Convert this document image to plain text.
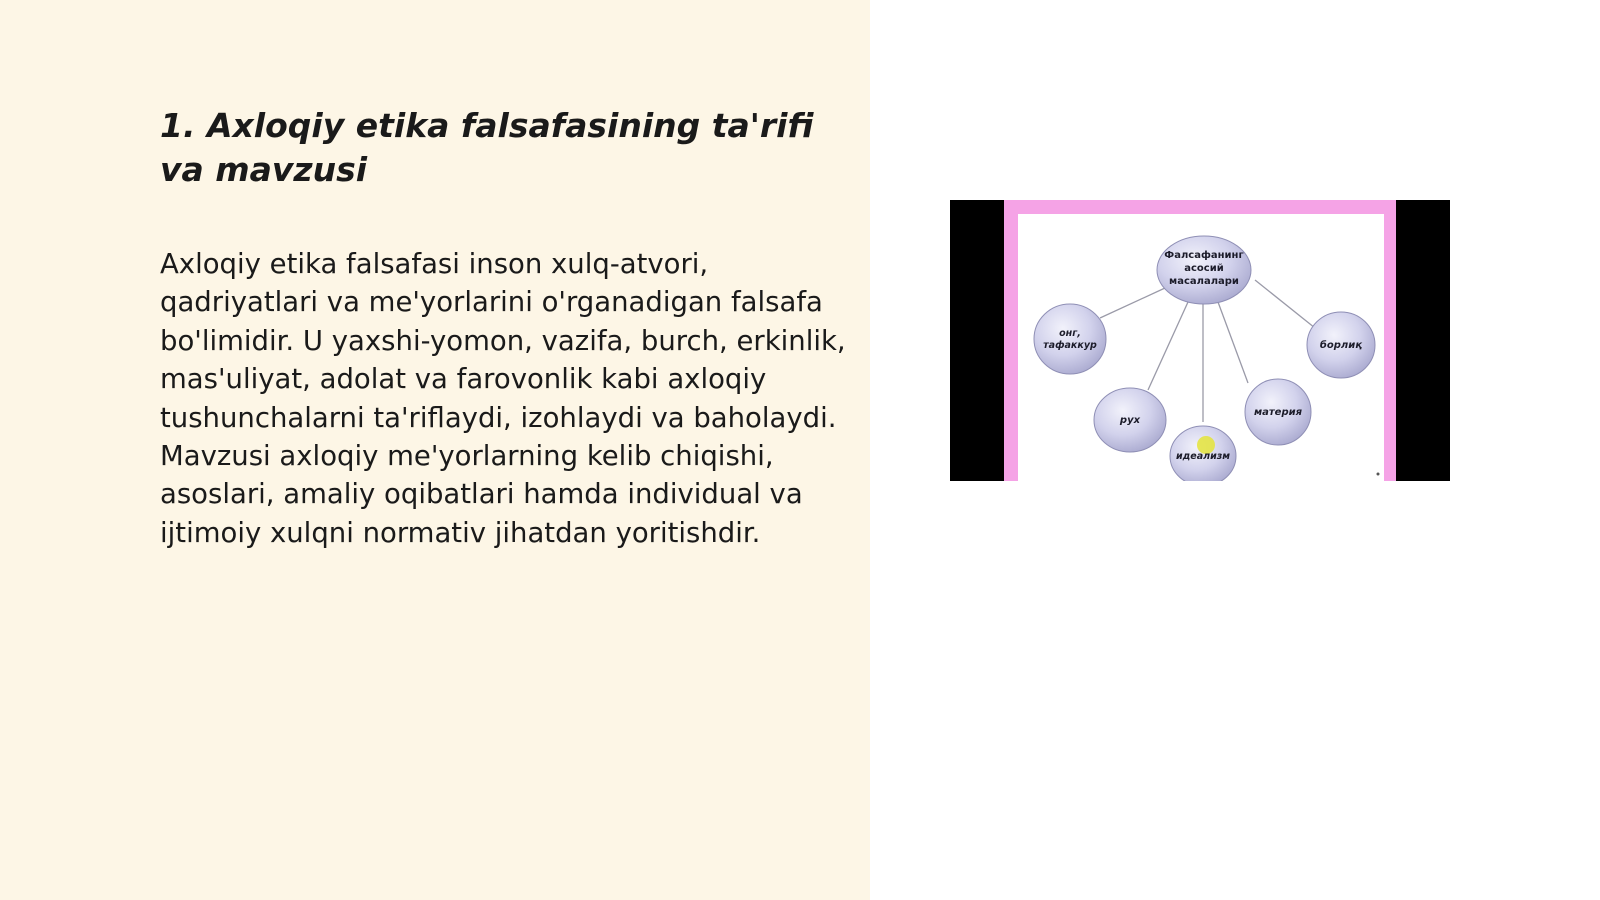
1. Axloqiy etika falsafasining ta'rifi va mavzusi

Axloqiy etika falsafasi inson xulq-atvori, qadriyatlari va me'yorlarini o'rganadigan falsafa bo'limidir. U yaxshi-yomon, vazifa, burch, erkinlik, mas'uliyat, adolat va farovonlik kabi axloqiy tushunchalarni ta'riflaydi, izohlaydi va baholaydi. Mavzusi axloqiy me'yorlarning kelib chiqishi, asoslari, amaliy oqibatlari hamda individual va ijtimoiy xulqni normativ jihatdan yoritishdir.

Фалсафанинг
асосий
масалалари
онг,
тафаккур	борлиқ
рух
материя
идеализм
